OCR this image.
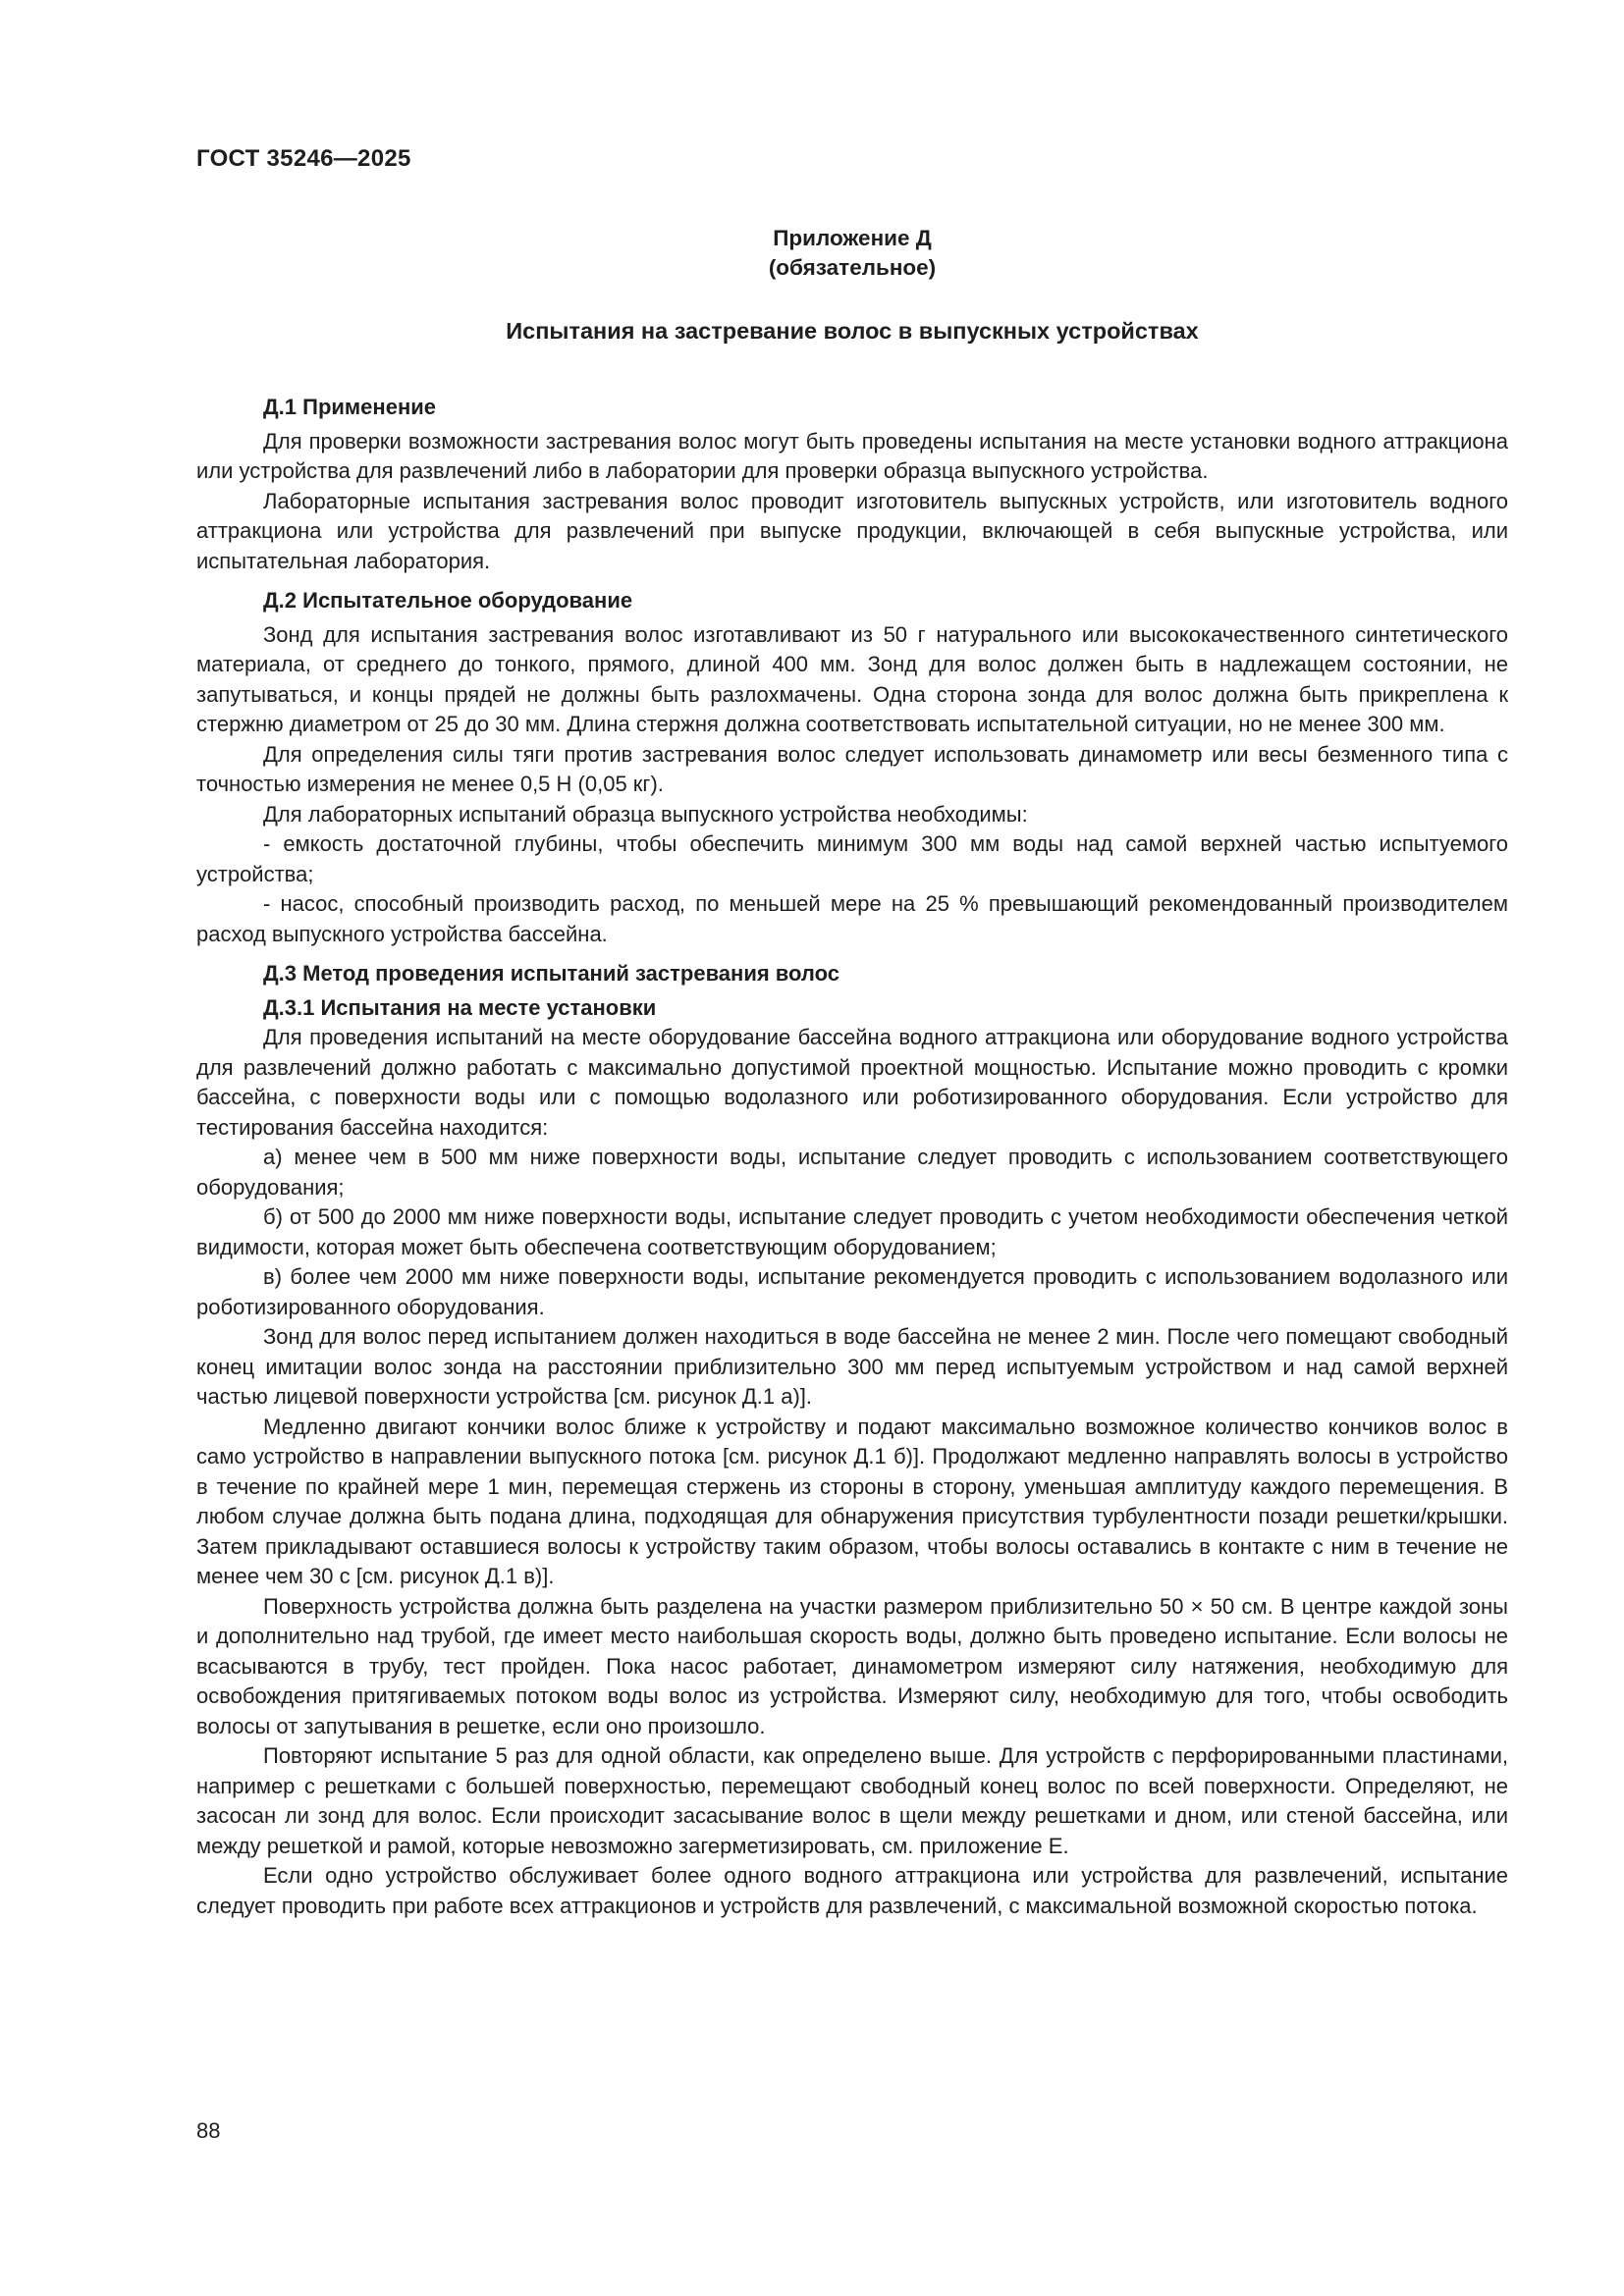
ГОСТ 35246—2025
Приложение Д
(обязательное)
Испытания на застревание волос в выпускных устройствах
Д.1 Применение

Для проверки возможности застревания волос могут быть проведены испытания на месте установки водного аттракциона или устройства для развлечений либо в лаборатории для проверки образца выпускного устройства.

Лабораторные испытания застревания волос проводит изготовитель выпускных устройств, или изготовитель водного аттракциона или устройства для развлечений при выпуске продукции, включающей в себя выпускные устройства, или испытательная лаборатория.

Д.2 Испытательное оборудование

Зонд для испытания застревания волос изготавливают из 50 г натурального или высококачественного синтетического материала, от среднего до тонкого, прямого, длиной 400 мм. Зонд для волос должен быть в надлежащем состоянии, не запутываться, и концы прядей не должны быть разлохмачены. Одна сторона зонда для волос должна быть прикреплена к стержню диаметром от 25 до 30 мм. Длина стержня должна соответствовать испытательной ситуации, но не менее 300 мм.

Для определения силы тяги против застревания волос следует использовать динамометр или весы безменного типа с точностью измерения не менее 0,5 Н (0,05 кг).

Для лабораторных испытаний образца выпускного устройства необходимы:

- емкость достаточной глубины, чтобы обеспечить минимум 300 мм воды над самой верхней частью испытуемого устройства;

- насос, способный производить расход, по меньшей мере на 25 % превышающий рекомендованный производителем расход выпускного устройства бассейна.

Д.3 Метод проведения испытаний застревания волос
Д.3.1 Испытания на месте установки

Для проведения испытаний на месте оборудование бассейна водного аттракциона или оборудование водного устройства для развлечений должно работать с максимально допустимой проектной мощностью. Испытание можно проводить с кромки бассейна, с поверхности воды или с помощью водолазного или роботизированного оборудования. Если устройство для тестирования бассейна находится:

а) менее чем в 500 мм ниже поверхности воды, испытание следует проводить с использованием соответствующего оборудования;

б) от 500 до 2000 мм ниже поверхности воды, испытание следует проводить с учетом необходимости обеспечения четкой видимости, которая может быть обеспечена соответствующим оборудованием;

в) более чем 2000 мм ниже поверхности воды, испытание рекомендуется проводить с использованием водолазного или роботизированного оборудования.

Зонд для волос перед испытанием должен находиться в воде бассейна не менее 2 мин. После чего помещают свободный конец имитации волос зонда на расстоянии приблизительно 300 мм перед испытуемым устройством и над самой верхней частью лицевой поверхности устройства [см. рисунок Д.1 а)].

Медленно двигают кончики волос ближе к устройству и подают максимально возможное количество кончиков волос в само устройство в направлении выпускного потока [см. рисунок Д.1 б)]. Продолжают медленно направлять волосы в устройство в течение по крайней мере 1 мин, перемещая стержень из стороны в сторону, уменьшая амплитуду каждого перемещения. В любом случае должна быть подана длина, подходящая для обнаружения присутствия турбулентности позади решетки/крышки. Затем прикладывают оставшиеся волосы к устройству таким образом, чтобы волосы оставались в контакте с ним в течение не менее чем 30 с [см. рисунок Д.1 в)].

Поверхность устройства должна быть разделена на участки размером приблизительно 50 × 50 см. В центре каждой зоны и дополнительно над трубой, где имеет место наибольшая скорость воды, должно быть проведено испытание. Если волосы не всасываются в трубу, тест пройден. Пока насос работает, динамометром измеряют силу натяжения, необходимую для освобождения притягиваемых потоком воды волос из устройства. Измеряют силу, необходимую для того, чтобы освободить волосы от запутывания в решетке, если оно произошло.

Повторяют испытание 5 раз для одной области, как определено выше. Для устройств с перфорированными пластинами, например с решетками с большей поверхностью, перемещают свободный конец волос по всей поверхности. Определяют, не засосан ли зонд для волос. Если происходит засасывание волос в щели между решетками и дном, или стеной бассейна, или между решеткой и рамой, которые невозможно загерметизировать, см. приложение Е.

Если одно устройство обслуживает более одного водного аттракциона или устройства для развлечений, испытание следует проводить при работе всех аттракционов и устройств для развлечений, с максимальной возможной скоростью потока.

88
